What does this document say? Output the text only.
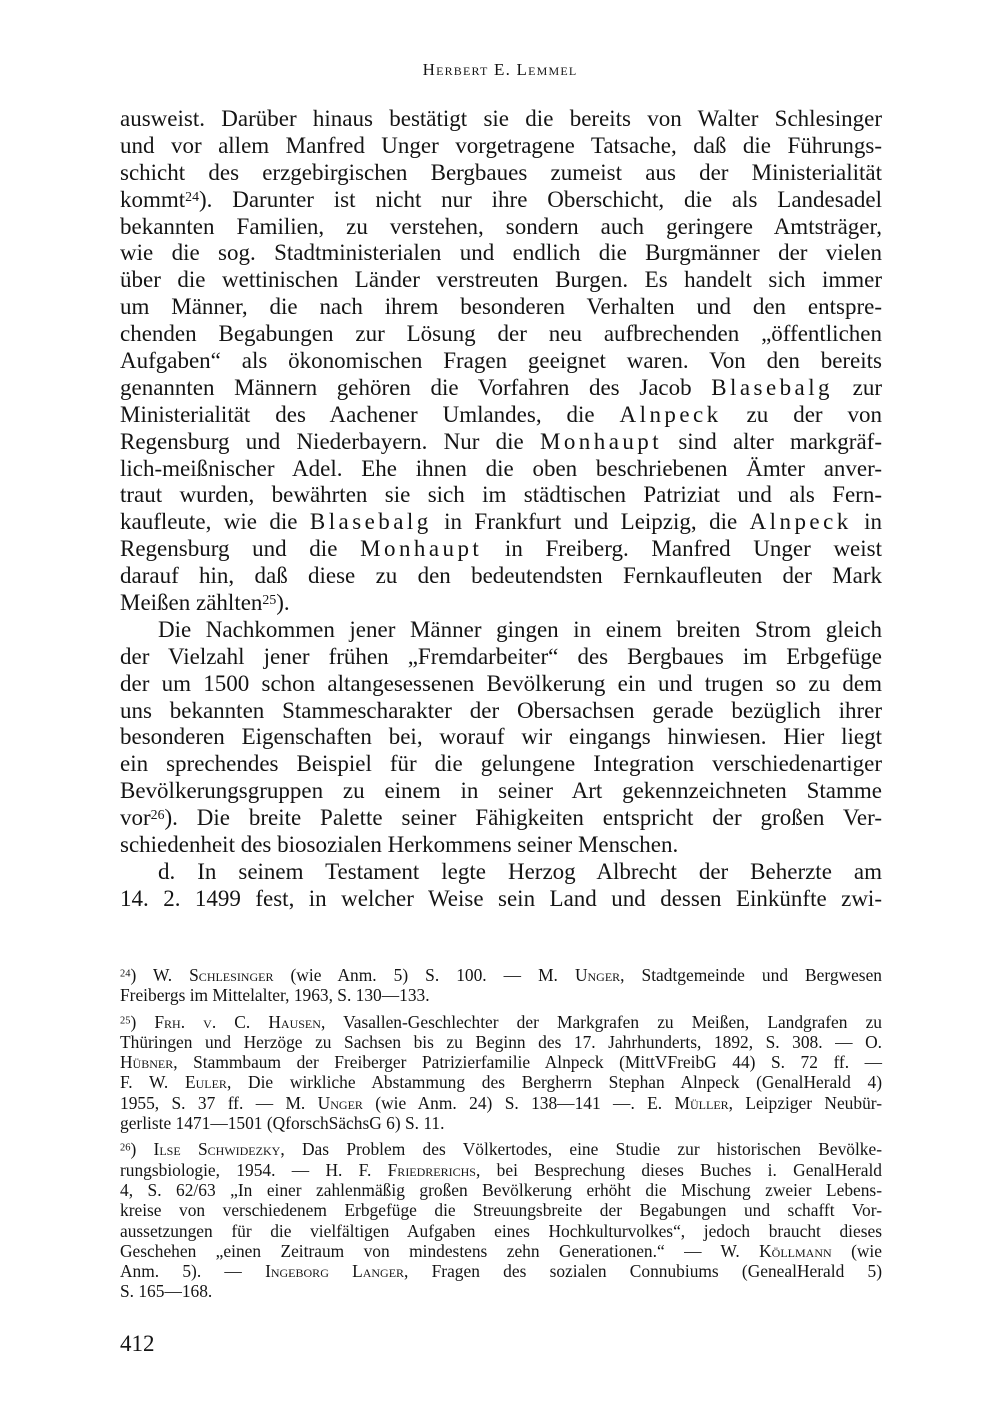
Herbert E. Lemmel
ausweist. Darüber hinaus bestätigt sie die bereits von Walter Schlesinger
und vor allem Manfred Unger vorgetragene Tatsache, daß die Führungs-
schicht des erzgebirgischen Bergbaues zumeist aus der Ministerialität
kommt$^{24}$). Darunter ist nicht nur ihre Oberschicht, die als Landesadel
bekannten Familien, zu verstehen, sondern auch geringere Amtsträger,
wie die sog. Stadtministerialen und endlich die Burgmänner der vielen
über die wettinischen Länder verstreuten Burgen. Es handelt sich immer
um Männer, die nach ihrem besonderen Verhalten und den entspre-
chenden Begabungen zur Lösung der neu aufbrechenden „öffentlichen
Aufgaben“ als ökonomischen Fragen geeignet waren. Von den bereits
genannten Männern gehören die Vorfahren des Jacob Blasebalg zur
Ministerialität des Aachener Umlandes, die Alnpeck zu der von
Regensburg und Niederbayern. Nur die Monhaupt sind alter markgräf-
lich-meißnischer Adel. Ehe ihnen die oben beschriebenen Ämter anver-
traut wurden, bewährten sie sich im städtischen Patriziat und als Fern-
kaufleute, wie die Blasebalg in Frankfurt und Leipzig, die Alnpeck in
Regensburg und die Monhaupt in Freiberg. Manfred Unger weist
darauf hin, daß diese zu den bedeutendsten Fernkaufleuten der Mark
Meißen zählten$^{25}$).
Die Nachkommen jener Männer gingen in einem breiten Strom gleich
der Vielzahl jener frühen „Fremdarbeiter“ des Bergbaues im Erbgefüge
der um 1500 schon altangesessenen Bevölkerung ein und trugen so zu dem
uns bekannten Stammescharakter der Obersachsen gerade bezüglich ihrer
besonderen Eigenschaften bei, worauf wir eingangs hinwiesen. Hier liegt
ein sprechendes Beispiel für die gelungene Integration verschiedenartiger
Bevölkerungsgruppen zu einem in seiner Art gekennzeichneten Stamme
vor$^{26}$). Die breite Palette seiner Fähigkeiten entspricht der großen Ver-
schiedenheit des biosozialen Herkommens seiner Menschen.
d. In seinem Testament legte Herzog Albrecht der Beherzte am
14. 2. 1499 fest, in welcher Weise sein Land und dessen Einkünfte zwi-
$^{24}$) W. Schlesinger (wie Anm. 5) S. 100. — M. Unger, Stadtgemeinde und Bergwesen
Freibergs im Mittelalter, 1963, S. 130—133.
$^{25}$) Frh. v. C. Hausen, Vasallen-Geschlechter der Markgrafen zu Meißen, Landgrafen zu
Thüringen und Herzöge zu Sachsen bis zu Beginn des 17. Jahrhunderts, 1892, S. 308. — O.
Hübner, Stammbaum der Freiberger Patrizierfamilie Alnpeck (MittVFreibG 44) S. 72 ff. —
F. W. Euler, Die wirkliche Abstammung des Bergherrn Stephan Alnpeck (GenalHerald 4)
1955, S. 37 ff. — M. Unger (wie Anm. 24) S. 138—141 —. E. Müller, Leipziger Neubür-
gerliste 1471—1501 (QforschSächsG 6) S. 11.
$^{26}$) Ilse Schwidezky, Das Problem des Völkertodes, eine Studie zur historischen Bevölke-
rungsbiologie, 1954. — H. F. Friedrerichs, bei Besprechung dieses Buches i. GenalHerald
4, S. 62/63 „In einer zahlenmäßig großen Bevölkerung erhöht die Mischung zweier Lebens-
kreise von verschiedenem Erbgefüge die Streuungsbreite der Begabungen und schafft Vor-
aussetzungen für die vielfältigen Aufgaben eines Hochkulturvolkes“, jedoch braucht dieses
Geschehen „einen Zeitraum von mindestens zehn Generationen.“ — W. Köllmann (wie
Anm. 5). — Ingeborg Langer, Fragen des sozialen Connubiums (GenealHerald 5)
S. 165—168.
412
